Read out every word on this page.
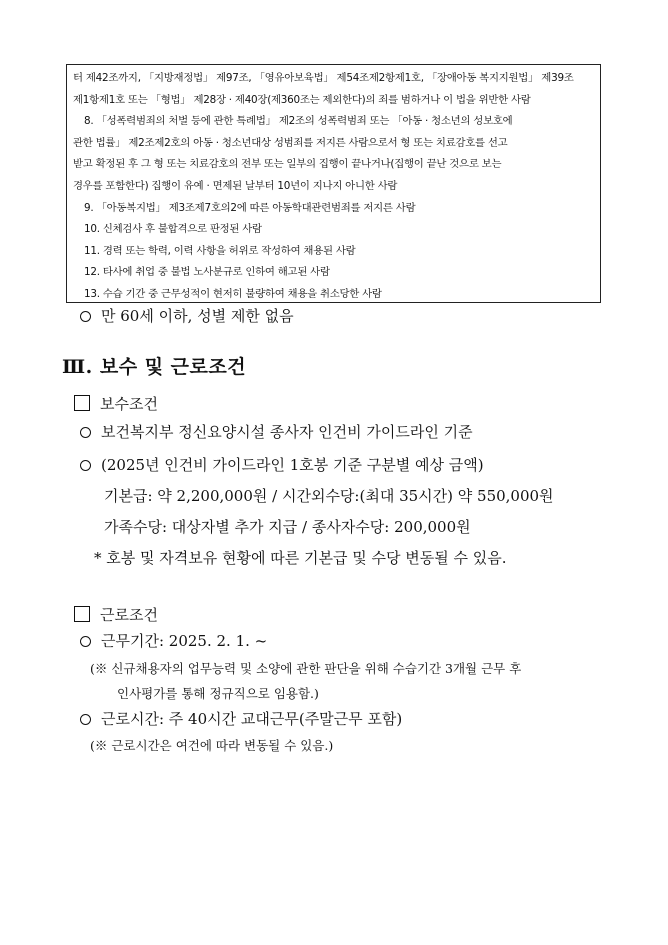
터 제42조까지, 「지방재정법」 제97조, 「영유아보육법」 제54조제2항제1호, 「장애아동 복지지원법」 제39조

제1항제1호 또는 「형법」 제28장 · 제40장(제360조는 제외한다)의 죄를 범하거나 이 법을 위반한 사람

8. 「성폭력범죄의 처벌 등에 관한 특례법」 제2조의 성폭력범죄 또는 「아동 · 청소년의 성보호에

관한 법률」 제2조제2호의 아동 · 청소년대상 성범죄를 저지른 사람으로서 형 또는 치료감호를 선고

받고 확정된 후 그 형 또는 치료감호의 전부 또는 일부의 집행이 끝나거나(집행이 끝난 것으로 보는

경우를 포함한다) 집행이 유예 · 면제된 날부터 10년이 지나지 아니한 사람

9. 「아동복지법」 제3조제7호의2에 따른 아동학대관련범죄를 저지른 사람

10. 신체검사 후 불합격으로 판정된 사람

11. 경력 또는 학력, 이력 사항을 허위로 작성하여 채용된 사람

12. 타사에 취업 중 불법 노사분규로 인하여 해고된 사람

13. 수습 기간 중 근무성적이 현저히 불량하여 채용을 취소당한 사람

만 60세 이하, 성별 제한 없음
Ⅲ. 보수 및 근로조건
보수조건
보건복지부 정신요양시설 종사자 인건비 가이드라인 기준
(2025년 인건비 가이드라인 1호봉 기준 구분별 예상 금액)
기본급: 약 2,200,000원 / 시간외수당:(최대 35시간) 약 550,000원
가족수당: 대상자별 추가 지급 / 종사자수당: 200,000원
* 호봉 및 자격보유 현황에 따른 기본급 및 수당 변동될 수 있음.
근로조건
근무기간: 2025. 2. 1. ~
(※ 신규채용자의 업무능력 및 소양에 관한 판단을 위해 수습기간 3개월 근무 후
인사평가를 통해 정규직으로 임용함.)
근로시간: 주 40시간 교대근무(주말근무 포함)
(※ 근로시간은 여건에 따라 변동될 수 있음.)
